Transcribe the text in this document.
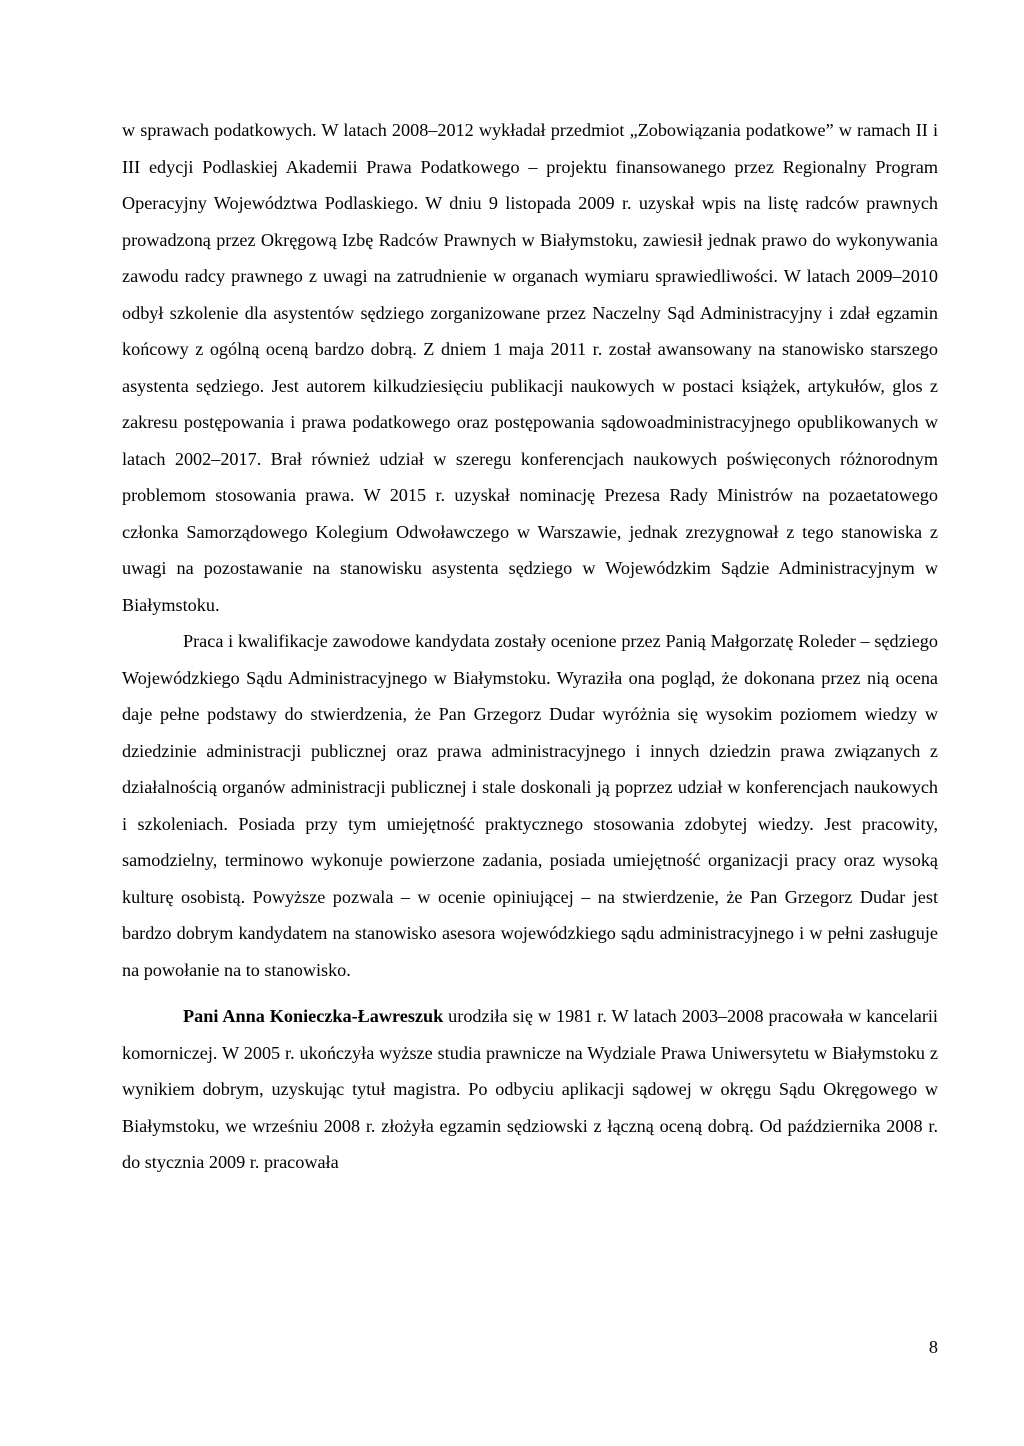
w sprawach podatkowych. W latach 2008–2012 wykładał przedmiot „Zobowiązania podatkowe” w ramach II i III edycji Podlaskiej Akademii Prawa Podatkowego – projektu finansowanego przez Regionalny Program Operacyjny Województwa Podlaskiego. W dniu 9 listopada 2009 r. uzyskał wpis na listę radców prawnych prowadzoną przez Okręgową Izbę Radców Prawnych w Białymstoku, zawiesił jednak prawo do wykonywania zawodu radcy prawnego z uwagi na zatrudnienie w organach wymiaru sprawiedliwości. W latach 2009–2010 odbył szkolenie dla asystentów sędziego zorganizowane przez Naczelny Sąd Administracyjny i zdał egzamin końcowy z ogólną oceną bardzo dobrą. Z dniem 1 maja 2011 r. został awansowany na stanowisko starszego asystenta sędziego. Jest autorem kilkudziesięciu publikacji naukowych w postaci książek, artykułów, glos z zakresu postępowania i prawa podatkowego oraz postępowania sądowoadministracyjnego opublikowanych w latach 2002–2017. Brał również udział w szeregu konferencjach naukowych poświęconych różnorodnym problemom stosowania prawa. W 2015 r. uzyskał nominację Prezesa Rady Ministrów na pozaetatowego członka Samorządowego Kolegium Odwoławczego w Warszawie, jednak zrezygnował z tego stanowiska z uwagi na pozostawanie na stanowisku asystenta sędziego w Wojewódzkim Sądzie Administracyjnym w Białymstoku.

Praca i kwalifikacje zawodowe kandydata zostały ocenione przez Panią Małgorzatę Roleder – sędziego Wojewódzkiego Sądu Administracyjnego w Białymstoku. Wyraziła ona pogląd, że dokonana przez nią ocena daje pełne podstawy do stwierdzenia, że Pan Grzegorz Dudar wyróżnia się wysokim poziomem wiedzy w dziedzinie administracji publicznej oraz prawa administracyjnego i innych dziedzin prawa związanych z działalnością organów administracji publicznej i stale doskonali ją poprzez udział w konferencjach naukowych i szkoleniach. Posiada przy tym umiejętność praktycznego stosowania zdobytej wiedzy. Jest pracowity, samodzielny, terminowo wykonuje powierzone zadania, posiada umiejętność organizacji pracy oraz wysoką kulturę osobistą. Powyższe pozwala – w ocenie opiniującej – na stwierdzenie, że Pan Grzegorz Dudar jest bardzo dobrym kandydatem na stanowisko asesora wojewódzkiego sądu administracyjnego i w pełni zasługuje na powołanie na to stanowisko.

Pani Anna Konieczka-Ławreszuk urodziła się w 1981 r. W latach 2003–2008 pracowała w kancelarii komorniczej. W 2005 r. ukończyła wyższe studia prawnicze na Wydziale Prawa Uniwersytetu w Białymstoku z wynikiem dobrym, uzyskując tytuł magistra. Po odbyciu aplikacji sądowej w okręgu Sądu Okręgowego w Białymstoku, we wrześniu 2008 r. złożyła egzamin sędziowski z łączną oceną dobrą. Od października 2008 r. do stycznia 2009 r. pracowała

8
